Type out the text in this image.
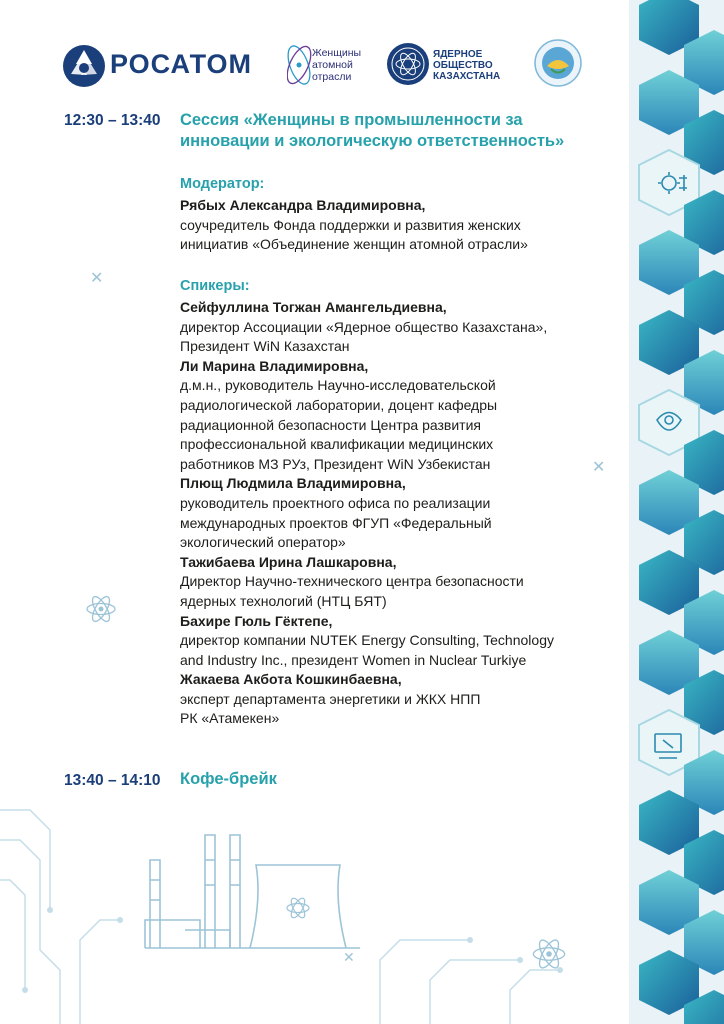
РОСАТОМ	Женщины
атомной
отрасли
ЯДЕРНОЕ
ОБЩЕСТВО
КАЗАХСТАНА
✕
✕
✕
12:30 – 13:40 Сессия «Женщины в промышленности за инновации и экологическую ответственность»
Модератор:
Рябых Александра Владимировна,
соучредитель Фонда поддержки и развития женских
инициатив «Объединение женщин атомной отрасли»
Спикеры:
Сейфуллина Тогжан Амангельдиевна,
директор Ассоциации «Ядерное общество Казахстана»,
Президент WiN Казахстан
Ли Марина Владимировна,
д.м.н., руководитель Научно-исследовательской
радиологической лаборатории, доцент кафедры
радиационной безопасности Центра развития
профессиональной квалификации медицинских
работников МЗ РУз, Президент WiN Узбекистан
Плющ Людмила Владимировна,
руководитель проектного офиса по реализации
международных проектов ФГУП «Федеральный
экологический оператор»
Тажибаева Ирина Лашкаровна,
Директор Научно-технического центра безопасности
ядерных технологий (НТЦ БЯТ)
Бахире Гюль Гёктепе,
директор компании NUTEK Energy Consulting, Technology
and Industry Inc., президент Women in Nuclear Turkiye
Жакаева Акбота Кошкинбаевна,
эксперт департамента энергетики и ЖКХ НПП
РК «Атамекен»
13:40 – 14:10 Кофе-брейк
